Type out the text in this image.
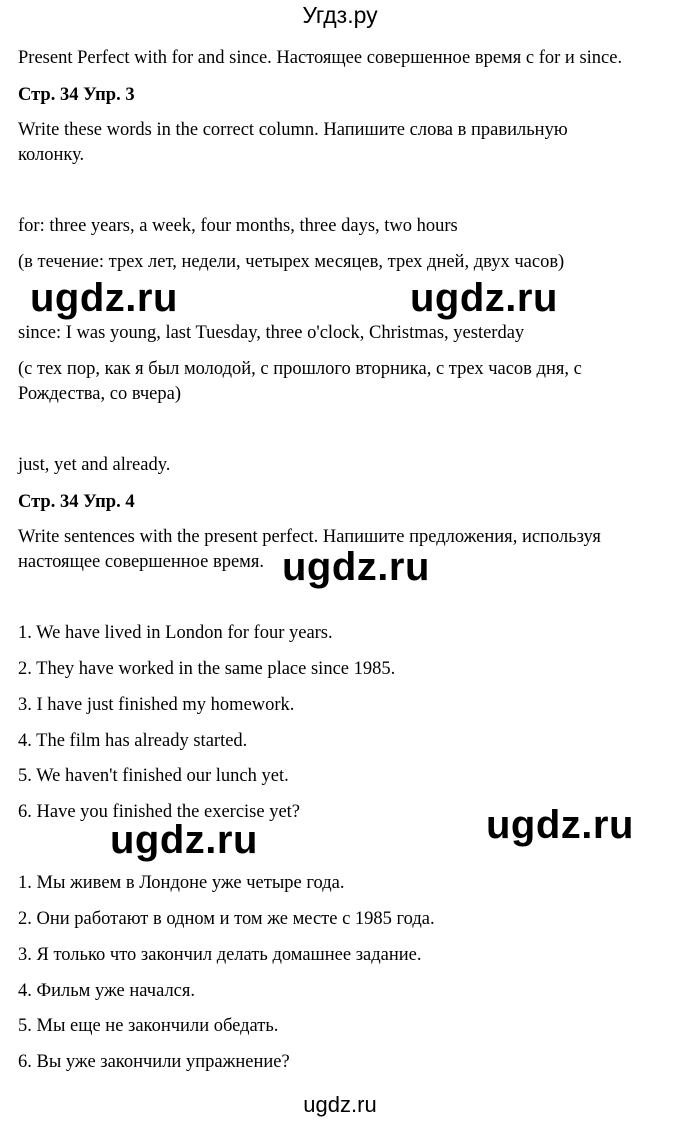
Угдз.ру
Present Perfect with for and since. Настоящее совершенное время с for и since.
Стр. 34 Упр. 3
Write these words in the correct column. Напишите слова в правильную
колонку.
for: three years, a week, four months, three days, two hours
(в течение: трех лет, недели, четырех месяцев, трех дней, двух часов)
ugdz.ru	ugdz.ru
since: I was young, last Tuesday, three o'clock, Christmas, yesterday
(с тех пор, как я был молодой, с прошлого вторника, с трех часов дня, с
Рождества, со вчера)
just, yet and already.
Стр. 34 Упр. 4
Write sentences with the present perfect. Напишите предложения, используя
настоящее совершенное время. ugdz.ru
1. We have lived in London for four years.
2. They have worked in the same place since 1985.
3. I have just finished my homework.
4. The film has already started.
5. We haven't finished our lunch yet.
6. Have you finished the exercise yet?	ugdz.ru
ugdz.ru
1. Мы живем в Лондоне уже четыре года.
2. Они работают в одном и том же месте с 1985 года.
3. Я только что закончил делать домашнее задание.
4. Фильм уже начался.
5. Мы еще не закончили обедать.
6. Вы уже закончили упражнение?
ugdz.ru
